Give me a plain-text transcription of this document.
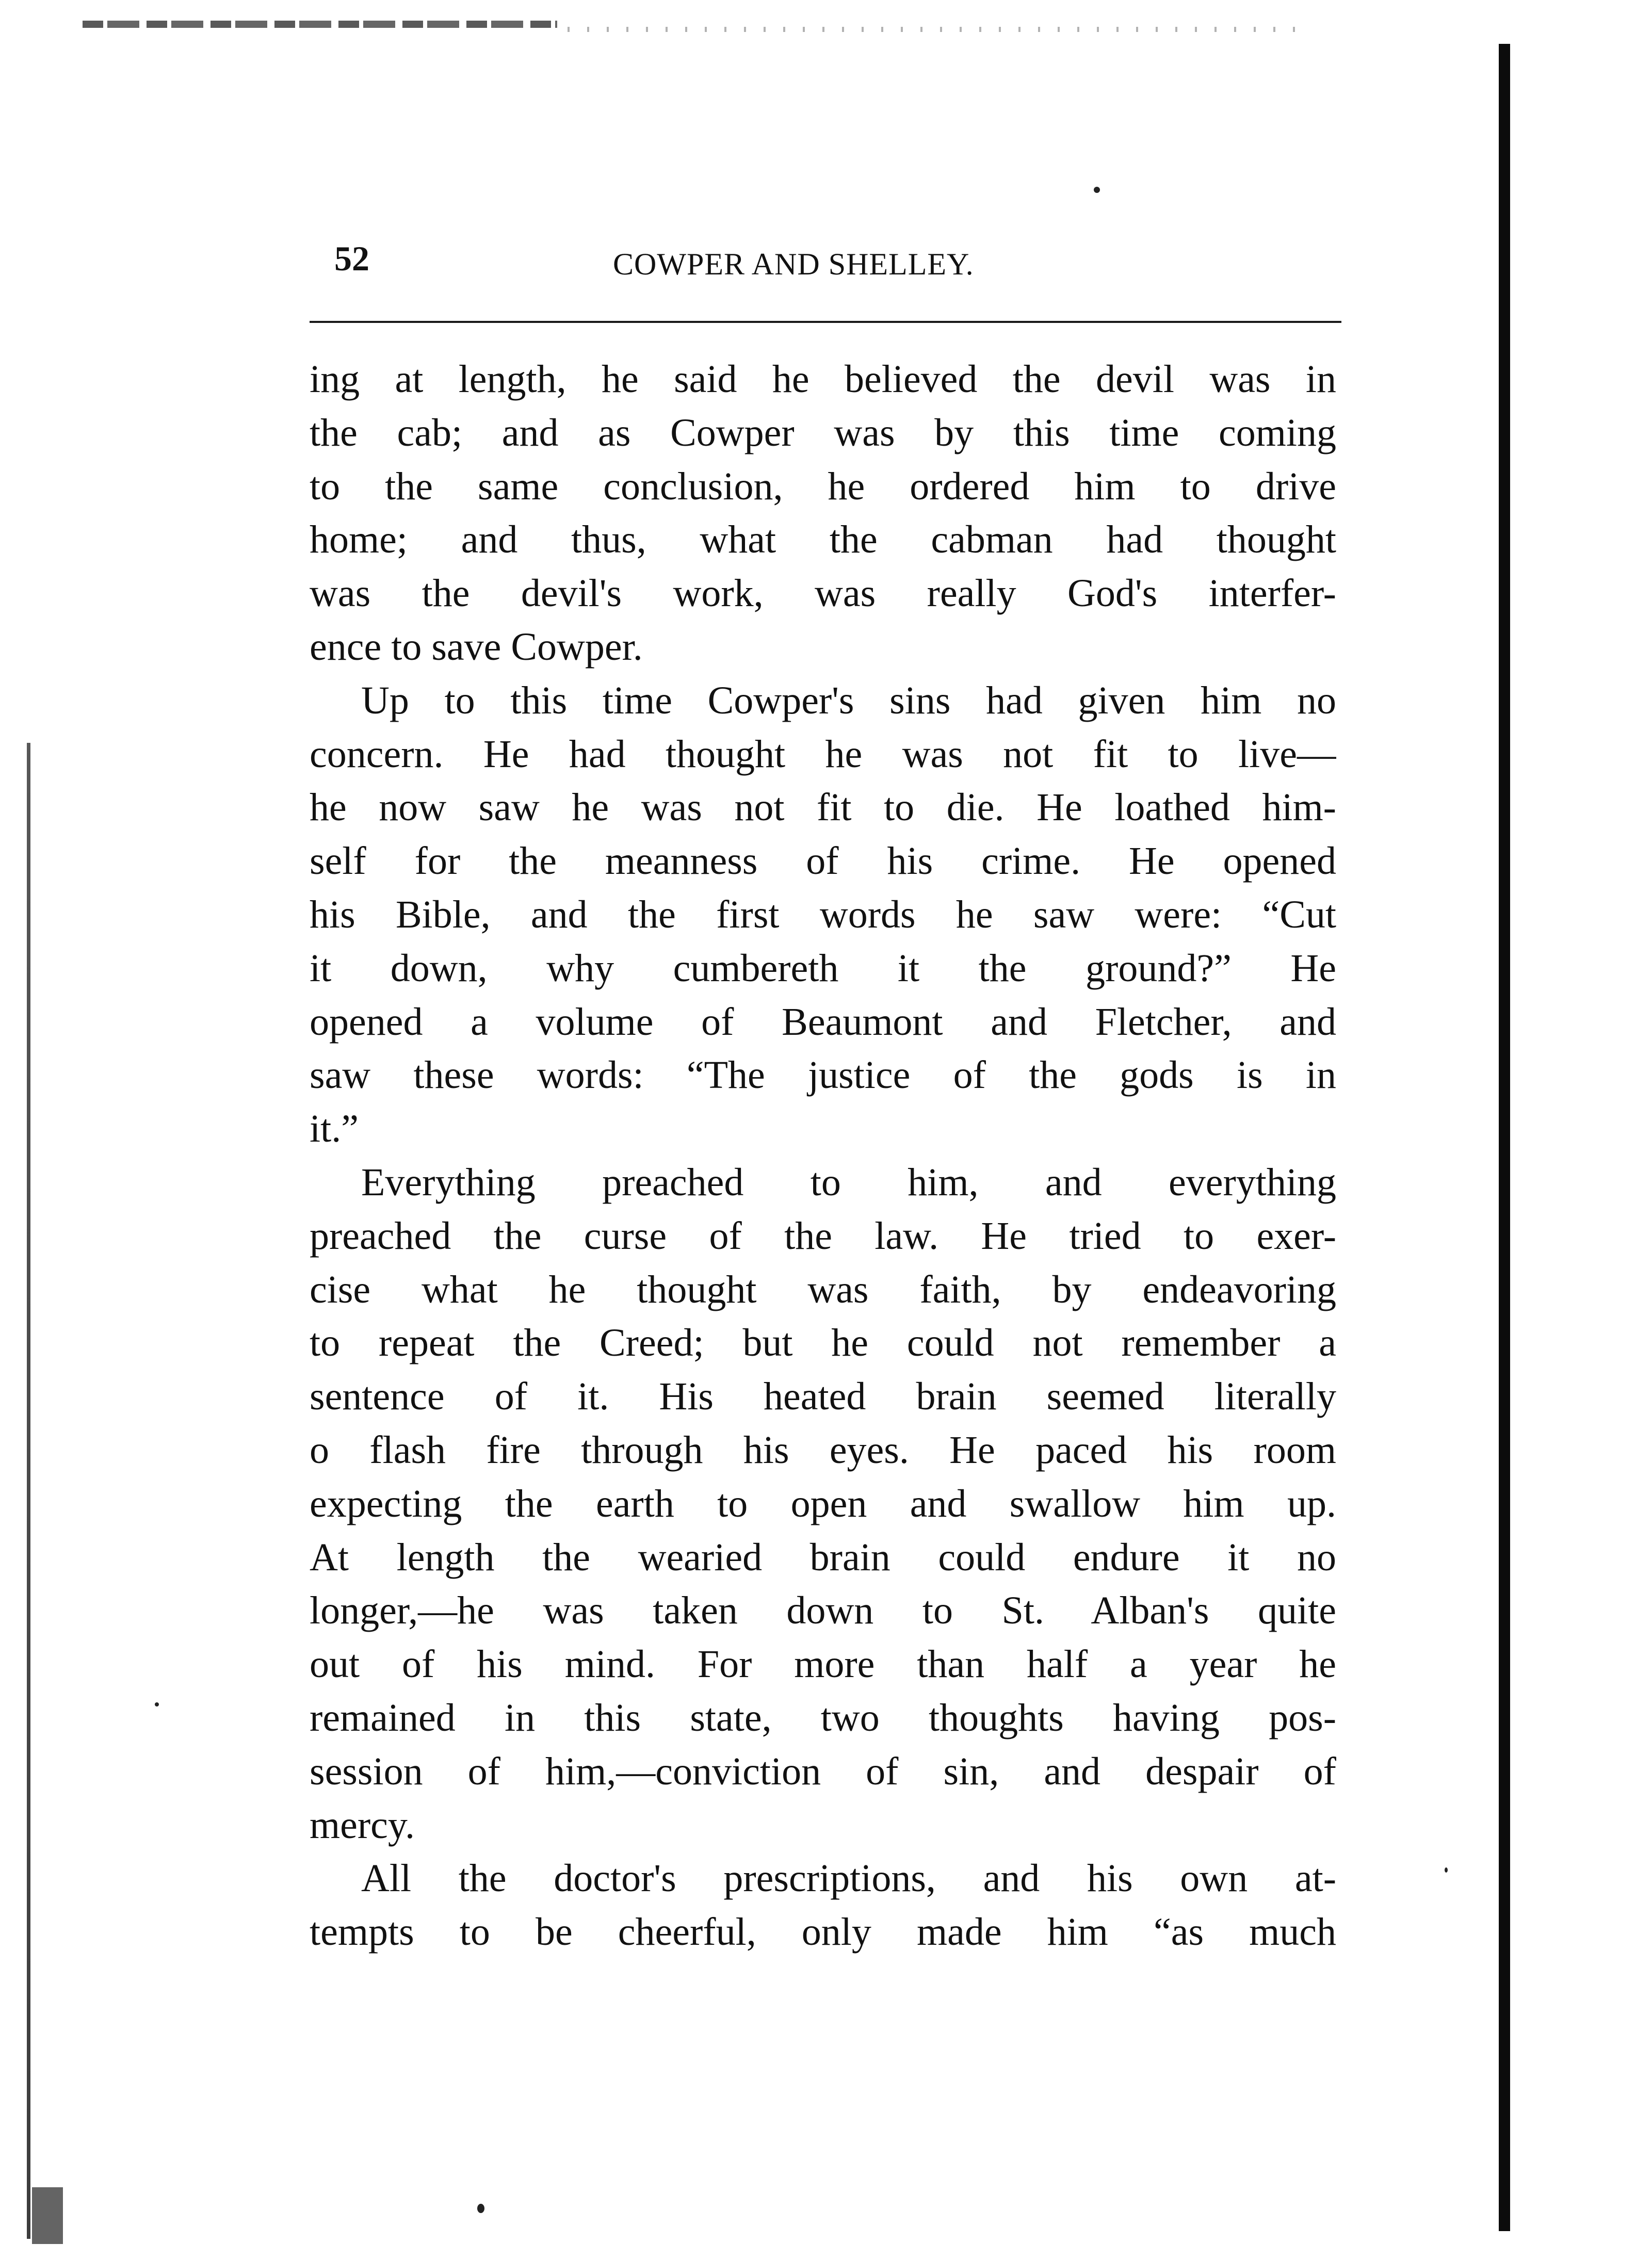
52	COWPER AND SHELLEY.
ing at length, he said he believed the devil was in
the cab; and as Cowper was by this time coming
to the same conclusion, he ordered him to drive
home; and thus, what the cabman had thought
was the devil's work, was really God's interfer-
ence to save Cowper.
Up to this time Cowper's sins had given him no
concern. He had thought he was not fit to live—
he now saw he was not fit to die. He loathed him-
self for the meanness of his crime. He opened
his Bible, and the first words he saw were: “Cut
it down, why cumbereth it the ground?” He
opened a volume of Beaumont and Fletcher, and
saw these words: “The justice of the gods is in
it.”
Everything preached to him, and everything
preached the curse of the law. He tried to exer-
cise what he thought was faith, by endeavoring
to repeat the Creed; but he could not remember a
sentence of it. His heated brain seemed literally
o flash fire through his eyes. He paced his room
expecting the earth to open and swallow him up.
At length the wearied brain could endure it no
longer,—he was taken down to St. Alban's quite
out of his mind. For more than half a year he
remained in this state, two thoughts having pos-
session of him,—conviction of sin, and despair of
mercy.
All the doctor's prescriptions, and his own at-
tempts to be cheerful, only made him “as much
